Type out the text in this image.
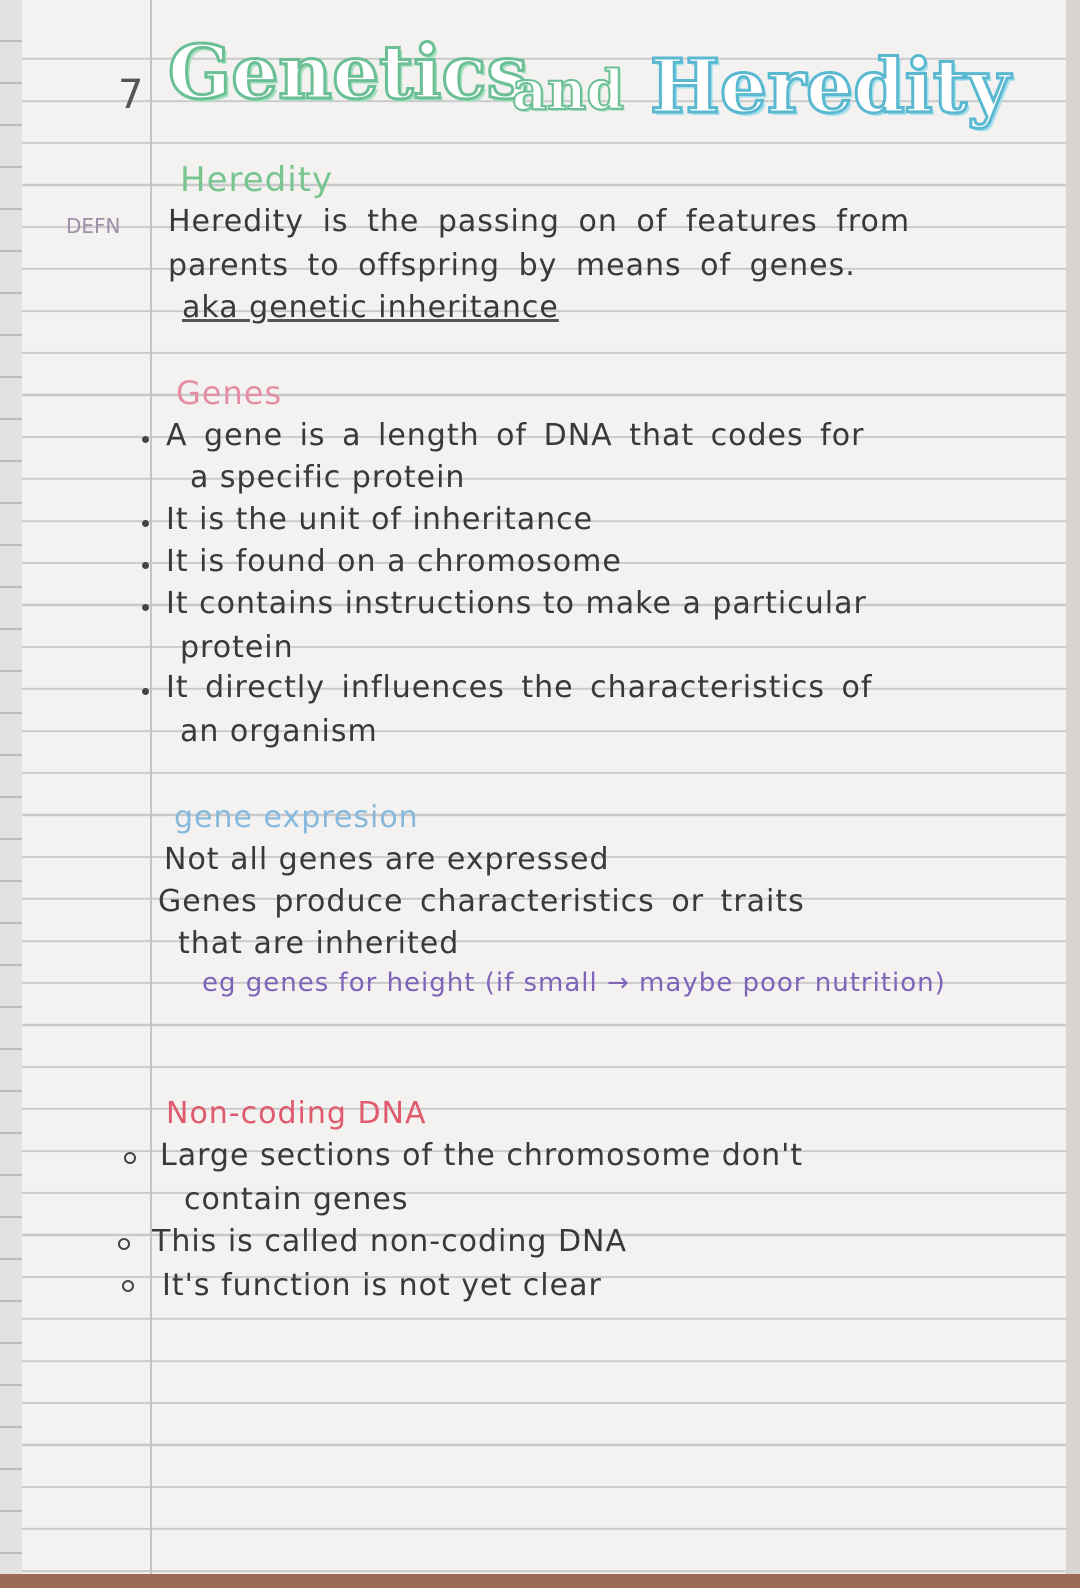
7 Genetics
and Heredity
Heredity
DEFN Heredity is the passing on of features from
parents to offspring by means of genes.
aka genetic inheritance
Genes
A gene is a length of DNA that codes for
a specific protein
It is the unit of inheritance
It is found on a chromosome
It contains instructions to make a particular
protein
It directly influences the characteristics of
an organism
gene expresion
Not all genes are expressed
Genes produce characteristics or traits
that are inherited
eg genes for height (if small → maybe poor nutrition)
Non-coding DNA
Large sections of the chromosome don't
contain genes
This is called non-coding DNA
It's function is not yet clear
